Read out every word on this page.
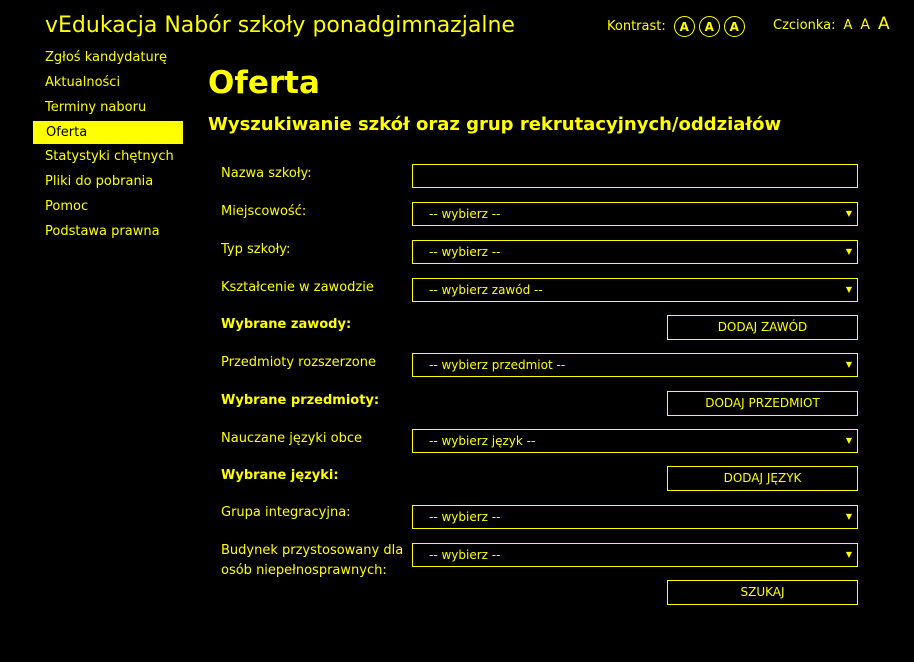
vEdukacja Nabór szkoły ponadgimnazjalne	Kontrast:	A	A	A	Czcionka: A A A
Zgłoś kandydaturę
Aktualności
Terminy naboru
Oferta
Statystyki chętnych
Pliki do pobrania
Pomoc
Podstawa prawna
Oferta
Wyszukiwanie szkół oraz grup rekrutacyjnych/oddziałów
Nazwa szkoły:
Miejscowość:	-- wybierz --	▼
Typ szkoły:	-- wybierz --	▼
Kształcenie w zawodzie	-- wybierz zawód --	▼
Wybrane zawody:	DODAJ ZAWÓD
Przedmioty rozszerzone	-- wybierz przedmiot --	▼
Wybrane przedmioty:	DODAJ PRZEDMIOT
Nauczane języki obce	-- wybierz język --	▼
Wybrane języki:	DODAJ JĘZYK
Grupa integracyjna:	-- wybierz --	▼
Budynek przystosowany dla
osób niepełnosprawnych:
-- wybierz --	▼
SZUKAJ
